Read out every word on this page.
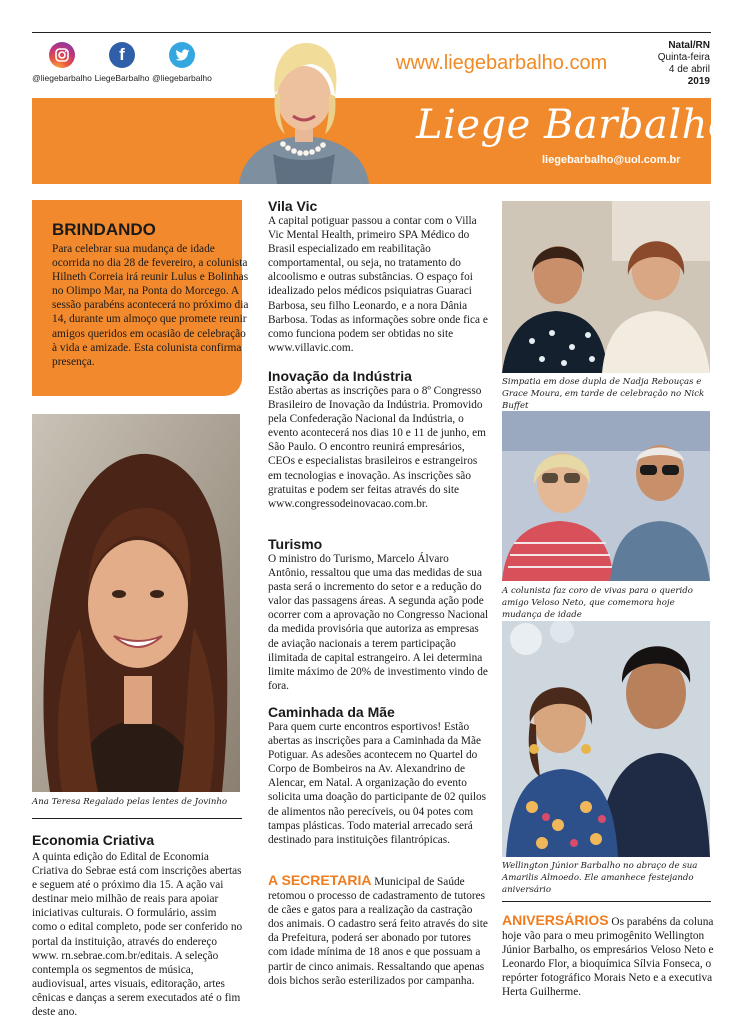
@liegebarbalho
f
LiegeBarbalho @liegebarbalho
www.liegebarbalho.com
Natal/RN
Quinta-feira
4 de abril
2019
Liege Barbalho
liegebarbalho@uol.com.br
BRINDANDO

Para celebrar sua mudança de idade ocorrida no dia 28 de fevereiro, a colunista Hilneth Correia irá reunir Lulus e Bolinhas no Olimpo Mar, na Ponta do Morcego. A sessão parabéns acontecerá no próximo dia 14, durante um almoço que promete reunir amigos queridos em ocasião de celebração à vida e amizade. Esta colunista confirma presença.

Ana Teresa Regalado pelas lentes de Jovinho
Economia Criativa

A quinta edição do Edital de Economia Criativa do Sebrae está com inscrições abertas e seguem até o próximo dia 15. A ação vai destinar meio milhão de reais para apoiar iniciativas culturais. O formulário, assim como o edital completo, pode ser conferido no portal da instituição, através do endereço www. rn.sebrae.com.br/editais. A seleção contempla os segmentos de música, audiovisual, artes visuais, editoração, artes cênicas e danças a serem executados até o fim deste ano.

Vila Vic

A capital potiguar passou a contar com o Villa Vic Mental Health, primeiro SPA Médico do Brasil especializado em reabilitação comportamental, ou seja, no tratamento do alcoolismo e outras substâncias. O espaço foi idealizado pelos médicos psiquiatras Guaraci Barbosa, seu filho Leonardo, e a nora Dânia Barbosa. Todas as informações sobre onde fica e como funciona podem ser obtidas no site www.villavic.com.

Inovação da Indústria

Estão abertas as inscrições para o 8º Congresso Brasileiro de Inovação da Indústria. Promovido pela Confederação Nacional da Indústria, o evento acontecerá nos dias 10 e 11 de junho, em São Paulo. O encontro reunirá empresários, CEOs e especialistas brasileiros e estrangeiros em tecnologias e inovação. As inscrições são gratuitas e podem ser feitas através do site www.congressodeinovacao.com.br.

Turismo

O ministro do Turismo, Marcelo Álvaro Antônio, ressaltou que uma das medidas de sua pasta será o incremento do setor e a redução do valor das passagens áreas. A segunda ação pode ocorrer com a aprovação no Congresso Nacional da medida provisória que autoriza as empresas de aviação nacionais a terem participação ilimitada de capital estrangeiro. A lei determina limite máximo de 20% de investimento vindo de fora.

Caminhada da Mãe

Para quem curte encontros esportivos! Estão abertas as inscrições para a Caminhada da Mãe Potiguar. As adesões acontecem no Quartel do Corpo de Bombeiros na Av. Alexandrino de Alencar, em Natal. A organização do evento solicita uma doação do participante de 02 quilos de alimentos não perecíveis, ou 04 potes com tampas plásticas. Todo material arrecado será destinado para instituições filantrópicas.

A SECRETARIA Municipal de Saúde retomou o processo de cadastramento de tutores de cães e gatos para a realização da castração dos animais. O cadastro será feito através do site da Prefeitura, poderá ser abonado por tutores com idade mínima de 18 anos e que possuam a partir de cinco animais. Ressaltando que apenas dois bichos serão esterilizados por campanha.

Simpatia em dose dupla de Nadja Rebouças e Grace Moura, em tarde de celebração no Nick Buffet
A colunista faz coro de vivas para o querido amigo Veloso Neto, que comemora hoje mudança de idade
Wellington Júnior Barbalho no abraço de sua Amarilis Almoedo. Ele amanhece festejando aniversário

ANIVERSÁRIOS Os parabéns da coluna hoje vão para o meu primogênito Wellington Júnior Barbalho, os empresários Veloso Neto e Leonardo Flor, a bioquímica Sílvia Fonseca, o repórter fotográfico Morais Neto e a executiva Herta Guilherme.
